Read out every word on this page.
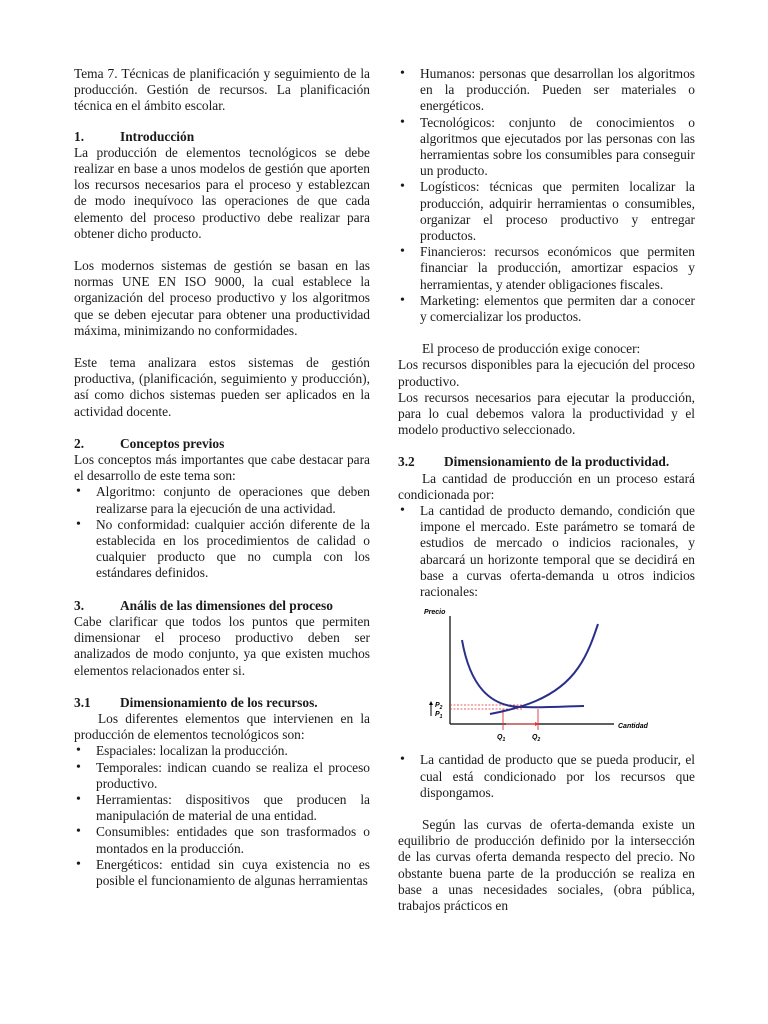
Tema 7. Técnicas de planificación y seguimiento de la producción. Gestión de recursos. La planificación técnica en el ámbito escolar.

1.	Introducción

La producción de elementos tecnológicos se debe realizar en base a unos modelos de gestión que aporten los recursos necesarios para el proceso y establezcan de modo inequívoco las operaciones de que cada elemento del proceso productivo debe realizar para obtener dicho producto.

Los modernos sistemas de gestión se basan en las normas UNE EN ISO 9000, la cual establece la organización del proceso productivo y los algoritmos que se deben ejecutar para obtener una productividad máxima, minimizando no conformidades.

Este tema analizara estos sistemas de gestión productiva, (planificación, seguimiento y producción), así como dichos sistemas pueden ser aplicados en la actividad docente.

2.	Conceptos previos

Los conceptos más importantes que cabe destacar para el desarrollo de este tema son:

• Algoritmo: conjunto de operaciones que deben realizarse para la ejecución de una actividad.
• No conformidad: cualquier acción diferente de la establecida en los procedimientos de calidad o cualquier producto que no cumpla con los estándares definidos.
3.	Anális de las dimensiones del proceso

Cabe clarificar que todos los puntos que permiten dimensionar el proceso productivo deben ser analizados de modo conjunto, ya que existen muchos elementos relacionados enter si.

3.1	Dimensionamiento de los recursos.

Los diferentes elementos que intervienen en la producción de elementos tecnológicos son:

• Espaciales: localizan la producción.
• Temporales: indican cuando se realiza el proceso productivo.
• Herramientas: dispositivos que producen la manipulación de material de una entidad.
• Consumibles: entidades que son trasformados o montados en la producción.
• Energéticos: entidad sin cuya existencia no es posible el funcionamiento de algunas herramientas
• Humanos: personas que desarrollan los algoritmos en la producción. Pueden ser materiales o energéticos.
• Tecnológicos: conjunto de conocimientos o algoritmos que ejecutados por las personas con las herramientas sobre los consumibles para conseguir un producto.
• Logísticos: técnicas que permiten localizar la producción, adquirir herramientas o consumibles, organizar el proceso productivo y entregar productos.
• Financieros: recursos económicos que permiten financiar la producción, amortizar espacios y herramientas, y atender obligaciones fiscales.
• Marketing: elementos que permiten dar a conocer y comercializar los productos.

El proceso de producción exige conocer:

Los recursos disponibles para la ejecución del proceso productivo.

Los recursos necesarios para ejecutar la producción, para lo cual debemos valora la productividad y el modelo productivo seleccionado.

3.2	Dimensionamiento de la productividad.

La cantidad de producción en un proceso estará condicionada por:

• La cantidad de producto demando, condición que impone el mercado. Este parámetro se tomará de estudios de mercado o indicios racionales, y abarcará un horizonte temporal que se decidirá en base a curvas oferta-demanda u otros indicios racionales:
Precio
Cantidad
$P_2$
$P_1$
$Q_1$	$Q_2$
• La cantidad de producto que se pueda producir, el cual está condicionado por los recursos que dispongamos.

Según las curvas de oferta-demanda existe un equilibrio de producción definido por la intersección de las curvas oferta demanda respecto del precio. No obstante buena parte de la producción se realiza en base a unas necesidades sociales, (obra pública, trabajos prácticos en
